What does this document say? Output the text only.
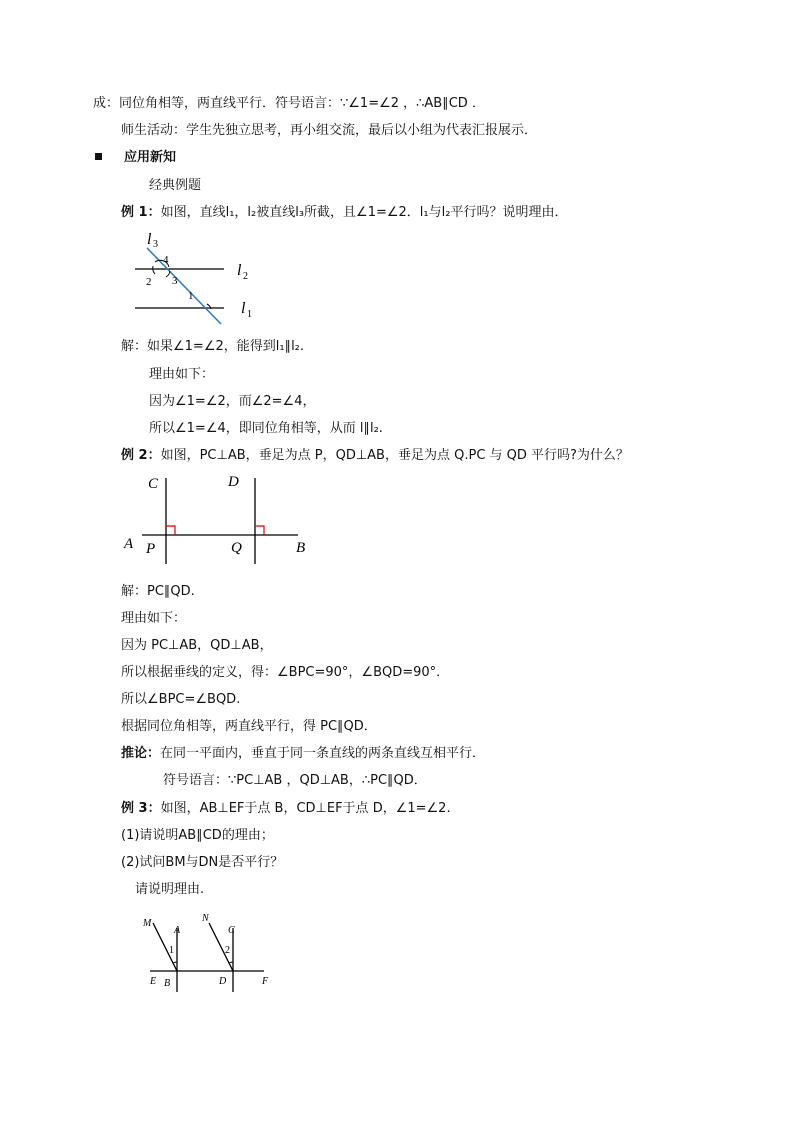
成：同位角相等，两直线平行．符号语言：∵∠1=∠2 ，∴AB∥CD ．
师生活动：学生先独立思考，再小组交流，最后以小组为代表汇报展示．
应用新知
经典例题
例 1：如图，直线l₁，l₂被直线l₃所截，且∠1=∠2．l₁与l₂平行吗？说明理由．
l 3
4
2 3
1
l 2
l 1
解：如果∠1=∠2，能得到l₁∥l₂.
理由如下：
因为∠1=∠2，而∠2=∠4，
所以∠1=∠4，即同位角相等，从而 l∥l₂.
例 2：如图，PC⊥AB，垂足为点 P，QD⊥AB，垂足为点 Q.PC 与 QD 平行吗?为什么？
C	D
A P	Q	B
解：PC∥QD.
理由如下：
因为 PC⊥AB，QD⊥AB，
所以根据垂线的定义，得：∠BPC=90°，∠BQD=90°．
所以∠BPC=∠BQD.
根据同位角相等，两直线平行，得 PC∥QD．
推论：在同一平面内，垂直于同一条直线的两条直线互相平行．
符号语言：∵PC⊥AB ，QD⊥AB，∴PC∥QD．
例 3：如图，AB⊥EF于点 B，CD⊥EF于点 D，∠1=∠2.
(1)请说明AB∥CD的理由；
(2)试问BM与DN是否平行？
请说明理由.
M	N
A	C
1	2
E B	D	F
